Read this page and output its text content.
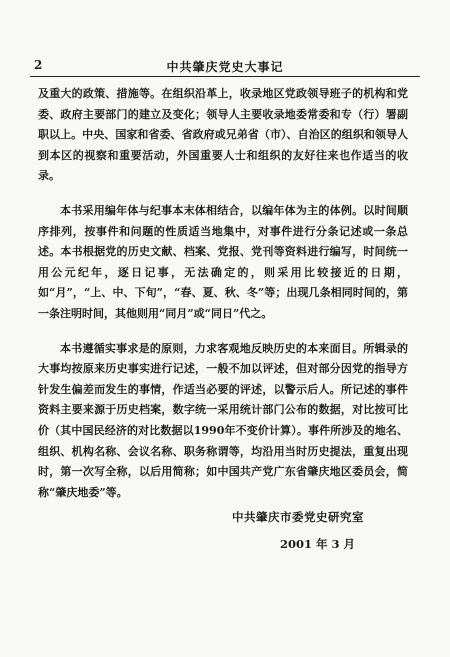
2	中共肇庆党史大事记

及重大的政策、措施等。在组织沿革上，收录地区党政领导班子的机构和党委、政府主要部门的建立及变化；领导人主要收录地委常委和专（行）署副职以上。中央、国家和省委、省政府或兄弟省（市）、自治区的组织和领导人到本区的视察和重要活动，外国重要人士和组织的友好往来也作适当的收录。

本书采用编年体与纪事本末体相结合，以编年体为主的体例。以时间顺序排列，按事件和问题的性质适当地集中，对事件进行分条记述或一条总述。本书根据党的历史文献、档案、党报、党刊等资料进行编写，时间统一用公元纪年，逐日记事，无法确定的，则采用比较接近的日期，如“月”，“上、中、下旬”，“春、夏、秋、冬”等；出现几条相同时间的，第一条注明时间，其他则用“同月”或“同日”代之。

本书遵循实事求是的原则，力求客观地反映历史的本来面目。所辑录的大事均按原来历史事实进行记述，一般不加以评述，但对部分因党的指导方针发生偏差而发生的事情，作适当必要的评述，以警示后人。所记述的事件资料主要来源于历史档案，数字统一采用统计部门公布的数据，对比按可比价（其中国民经济的对比数据以1990年不变价计算）。事件所涉及的地名、组织、机构名称、会议名称、职务称谓等，均沿用当时历史提法，重复出现时，第一次写全称，以后用简称；如中国共产党广东省肇庆地区委员会，简称“肇庆地委”等。

中共肇庆市委党史研究室
2001 年 3 月
